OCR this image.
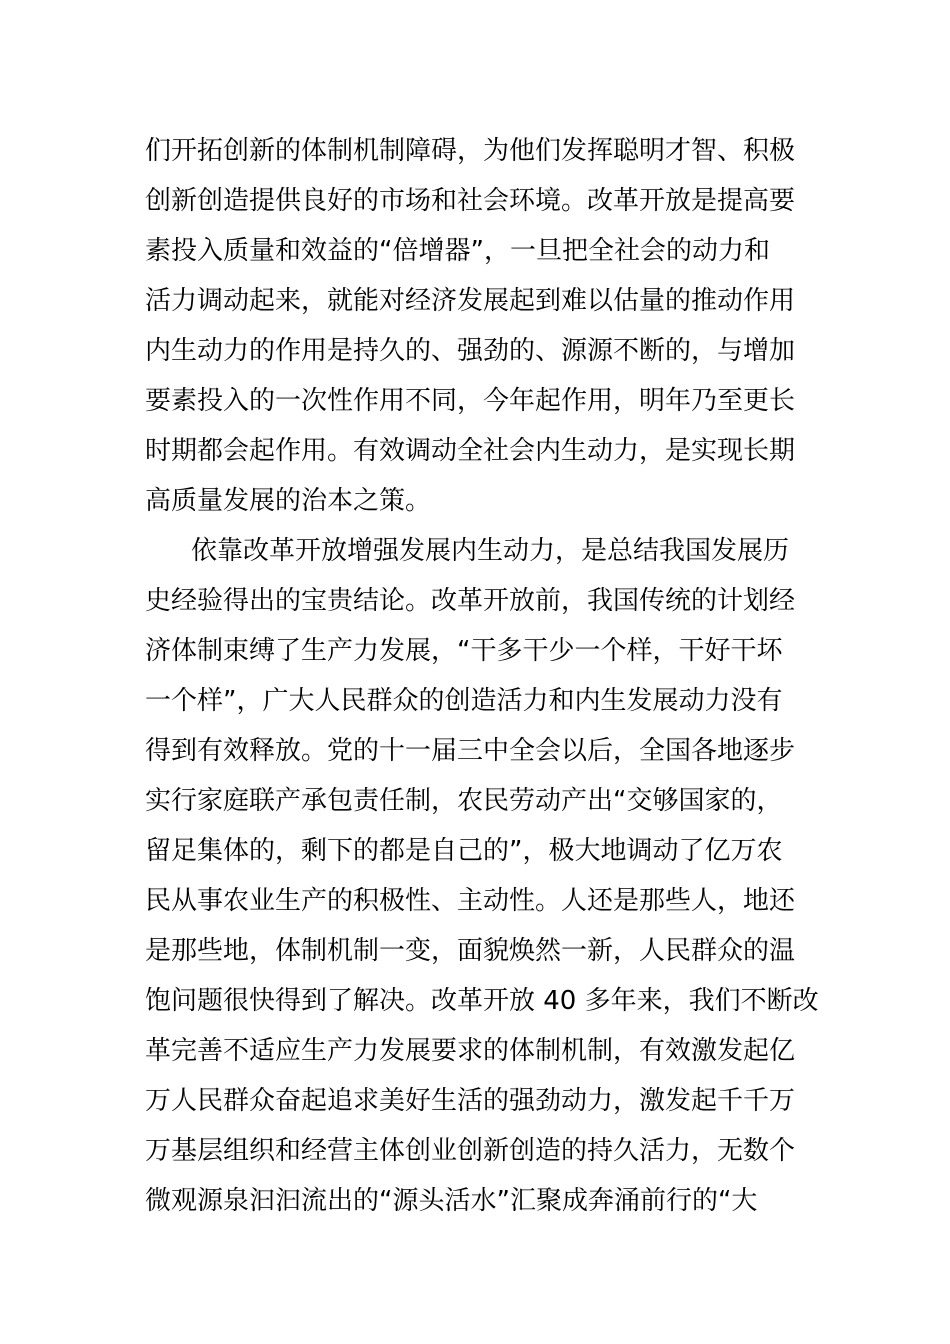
们开拓创新的体制机制障碍，为他们发挥聪明才智、积极
创新创造提供良好的市场和社会环境。改革开放是提高要
素投入质量和效益的“倍增器”，一旦把全社会的动力和
活力调动起来，就能对经济发展起到难以估量的推动作用
内生动力的作用是持久的、强劲的、源源不断的，与增加
要素投入的一次性作用不同，今年起作用，明年乃至更长
时期都会起作用。有效调动全社会内生动力，是实现长期
高质量发展的治本之策。
依靠改革开放增强发展内生动力，是总结我国发展历
史经验得出的宝贵结论。改革开放前，我国传统的计划经
济体制束缚了生产力发展，“干多干少一个样，干好干坏
一个样”，广大人民群众的创造活力和内生发展动力没有
得到有效释放。党的十一届三中全会以后，全国各地逐步
实行家庭联产承包责任制，农民劳动产出“交够国家的，
留足集体的，剩下的都是自己的”，极大地调动了亿万农
民从事农业生产的积极性、主动性。人还是那些人，地还
是那些地，体制机制一变，面貌焕然一新，人民群众的温
饱问题很快得到了解决。改革开放 40 多年来，我们不断改
革完善不适应生产力发展要求的体制机制，有效激发起亿
万人民群众奋起追求美好生活的强劲动力，激发起千千万
万基层组织和经营主体创业创新创造的持久活力，无数个
微观源泉汩汩流出的“源头活水”汇聚成奔涌前行的“大
